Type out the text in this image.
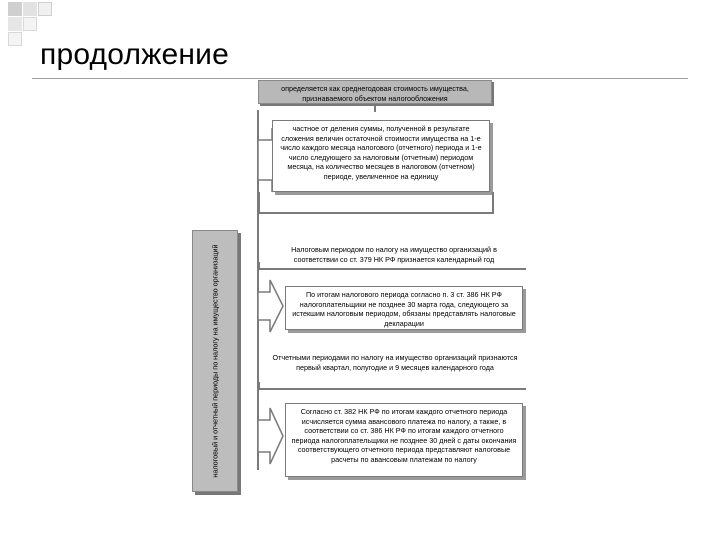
продолжение
налоговый и отчетный периоды по налогу на имущество организаций
определяется как среднегодовая стоимость имущества, признаваемого объектом налогообложения
частное от деления суммы, полученной в результате сложения величин остаточной стоимости имущества на 1-е число каждого месяца налогового (отчетного) периода и 1-е число следующего за налоговым (отчетным) периодом месяца, на количество месяцев в налоговом (отчетном) периоде, увеличенное на единицу
Налоговым периодом по налогу на имущество организаций в соответствии со ст. 379 НК РФ признается календарный год
По итогам налогового периода согласно п. 3 ст. 386 НК РФ налогоплательщики не позднее 30 марта года, следующего за истекшим налоговым периодом, обязаны представлять налоговые декларации
Отчетными периодами по налогу на имущество организаций признаются первый квартал, полугодие и 9 месяцев календарного года
Согласно ст. 382 НК РФ по итогам каждого отчетного периода исчисляется сумма авансового платежа по налогу, а также, в соответствии со ст. 386 НК РФ по итогам каждого отчетного периода налогоплательщики не позднее 30 дней с даты окончания соответствующего отчетного периода представляют налоговые расчеты по авансовым платежам по налогу
